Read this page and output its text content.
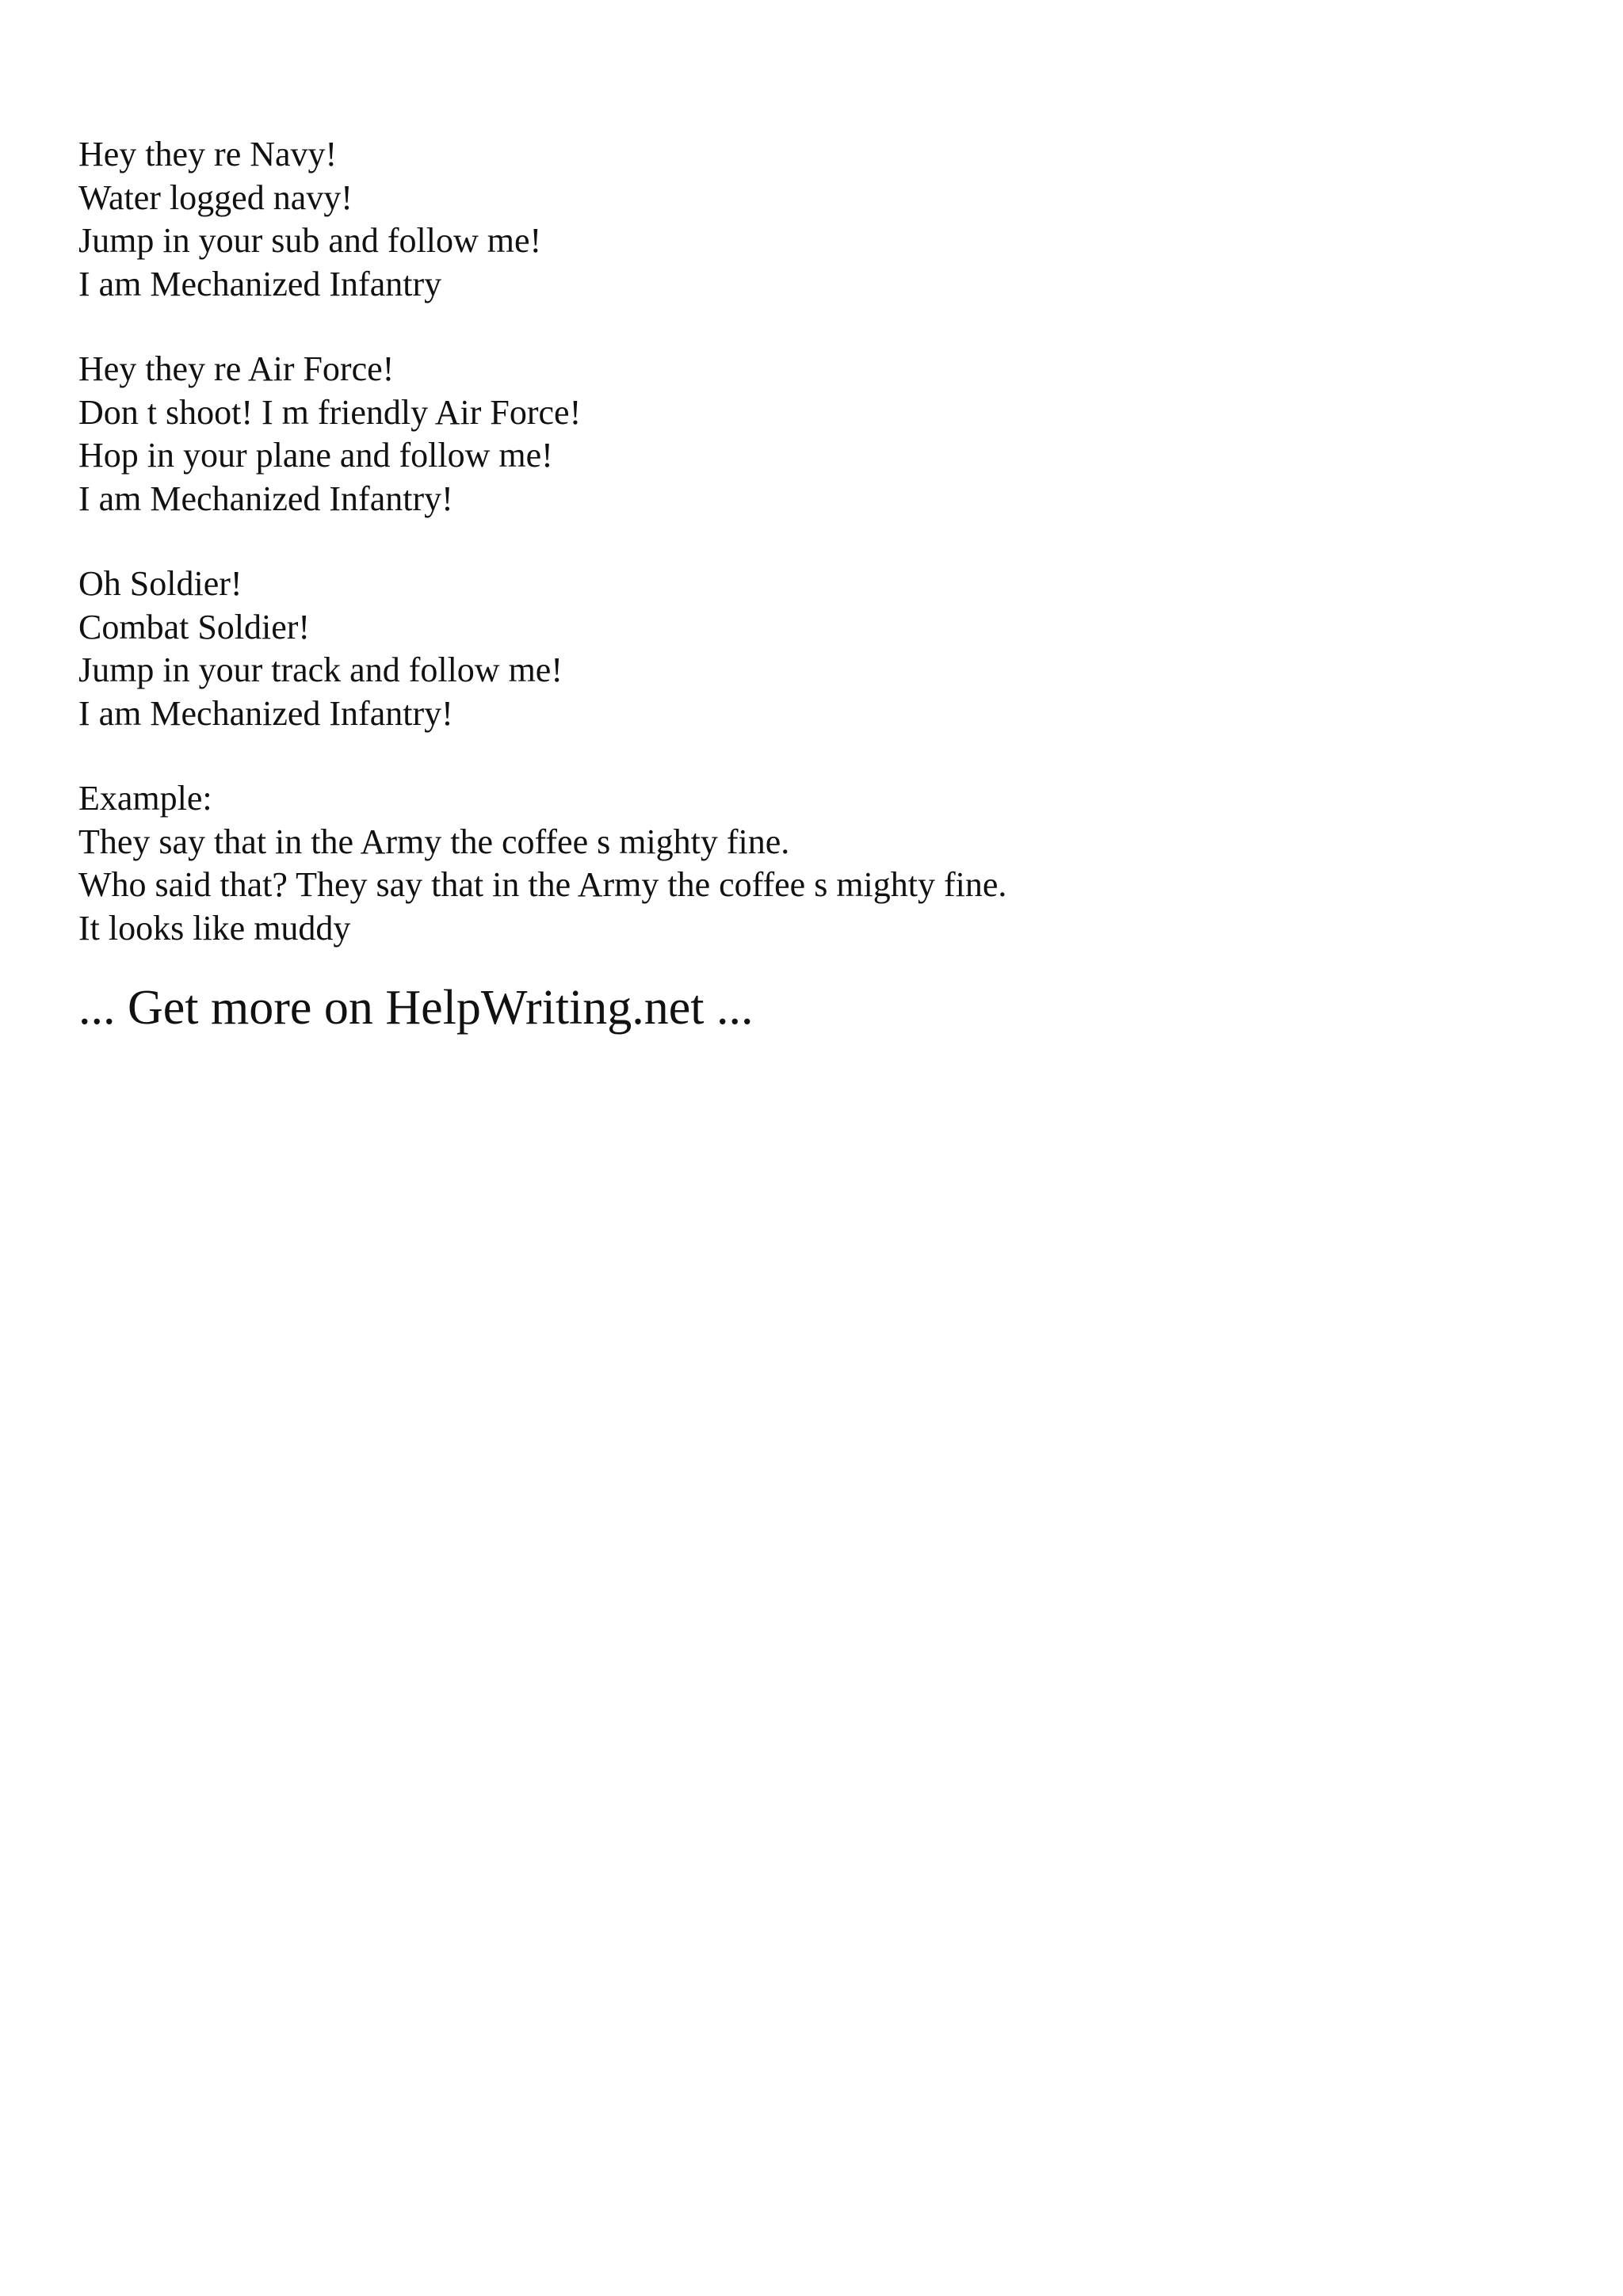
Hey they re Navy!
Water logged navy!
Jump in your sub and follow me!
I am Mechanized Infantry
Hey they re Air Force!
Don t shoot! I m friendly Air Force!
Hop in your plane and follow me!
I am Mechanized Infantry!
Oh Soldier!
Combat Soldier!
Jump in your track and follow me!
I am Mechanized Infantry!
Example:
They say that in the Army the coffee s mighty fine.
Who said that? They say that in the Army the coffee s mighty fine.
It looks like muddy
... Get more on HelpWriting.net ...
